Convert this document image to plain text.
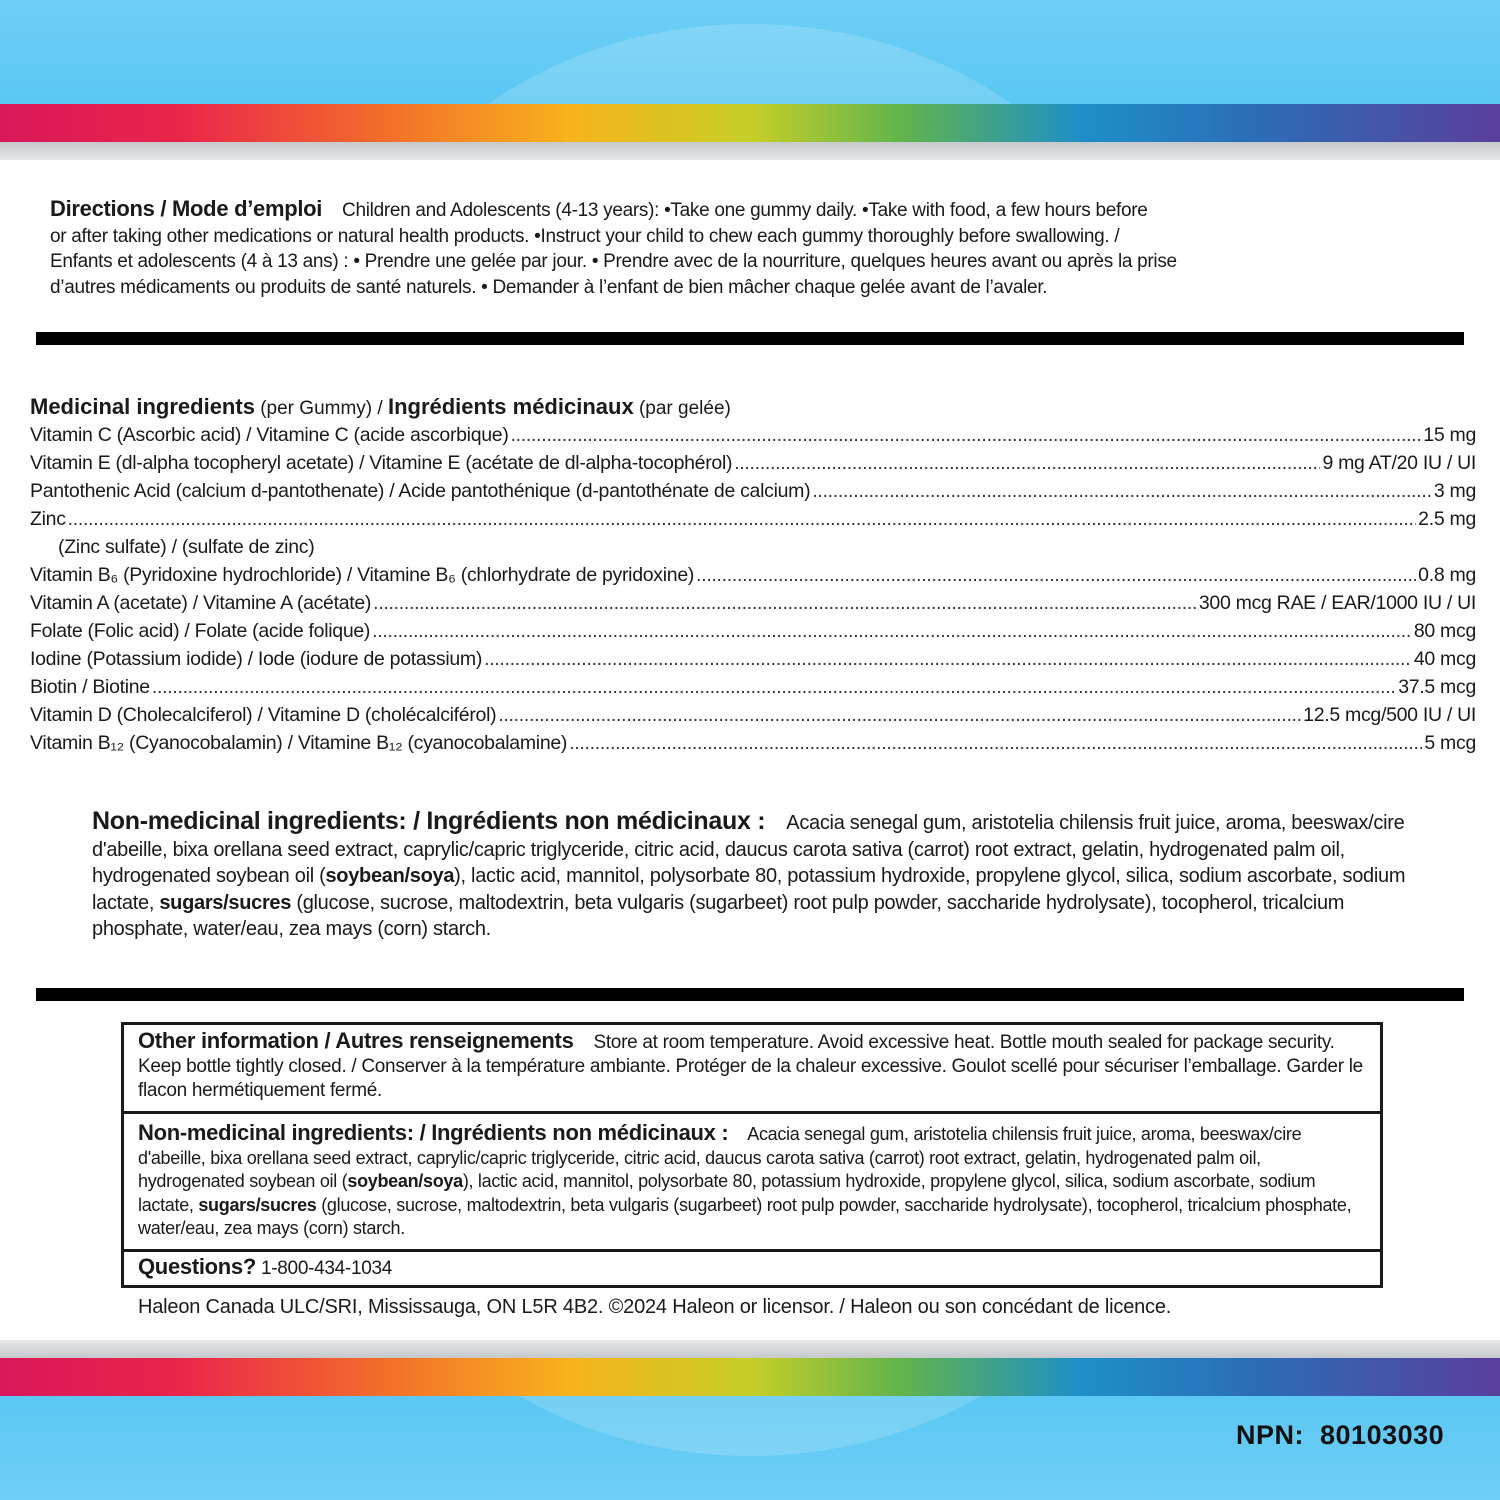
Directions / Mode d’emploi Children and Adolescents (4-13 years): •Take one gummy daily. •Take with food, a few hours before
or after taking other medications or natural health products. •Instruct your child to chew each gummy thoroughly before swallowing. /
Enfants et adolescents (4 à 13 ans) : • Prendre une gelée par jour. • Prendre avec de la nourriture, quelques heures avant ou après la prise
d’autres médicaments ou produits de santé naturels. • Demander à l’enfant de bien mâcher chaque gelée avant de l’avaler.
Medicinal ingredients (per Gummy) / Ingrédients médicinaux (par gelée)
Vitamin C (Ascorbic acid) / Vitamine C (acide ascorbique) .....	15 mg
Vitamin E (dl-alpha tocopheryl acetate) / Vitamine E (acétate de dl-alpha-tocophérol) .....	9 mg AT/20 IU / UI
Pantothenic Acid (calcium d-pantothenate) / Acide pantothénique (d-pantothénate de calcium) .....	3 mg
Zinc .....	2.5 mg
(Zinc sulfate) / (sulfate de zinc)
Vitamin B₆ (Pyridoxine hydrochloride) / Vitamine B₆ (chlorhydrate de pyridoxine) .....	0.8 mg
Vitamin A (acetate) / Vitamine A (acétate) .....	300 mcg RAE / EAR/1000 IU / UI
Folate (Folic acid) / Folate (acide folique) .....	80 mcg
Iodine (Potassium iodide) / Iode (iodure de potassium) .....	40 mcg
Biotin / Biotine .....	37.5 mcg
Vitamin D (Cholecalciferol) / Vitamine D (cholécalciférol) .....	12.5 mcg/500 IU / UI
Vitamin B₁₂ (Cyanocobalamin) / Vitamine B₁₂ (cyanocobalamine) .....	5 mcg
Non-medicinal ingredients: / Ingrédients non médicinaux : Acacia senegal gum, aristotelia chilensis fruit juice, aroma, beeswax/cire d'abeille, bixa orellana seed extract, caprylic/capric triglyceride, citric acid, daucus carota sativa (carrot) root extract, gelatin, hydrogenated palm oil, hydrogenated soybean oil (soybean/soya), lactic acid, mannitol, polysorbate 80, potassium hydroxide, propylene glycol, silica, sodium ascorbate, sodium lactate, sugars/sucres (glucose, sucrose, maltodextrin, beta vulgaris (sugarbeet) root pulp powder, saccharide hydrolysate), tocopherol, tricalcium phosphate, water/eau, zea mays (corn) starch.
Other information / Autres renseignements Store at room temperature. Avoid excessive heat. Bottle mouth sealed for package security. Keep bottle tightly closed. / Conserver à la température ambiante. Protéger de la chaleur excessive. Goulot scellé pour sécuriser l’emballage. Garder le flacon hermétiquement fermé.
Non-medicinal ingredients: / Ingrédients non médicinaux : Acacia senegal gum, aristotelia chilensis fruit juice, aroma, beeswax/cire d'abeille, bixa orellana seed extract, caprylic/capric triglyceride, citric acid, daucus carota sativa (carrot) root extract, gelatin, hydrogenated palm oil, hydrogenated soybean oil (soybean/soya), lactic acid, mannitol, polysorbate 80, potassium hydroxide, propylene glycol, silica, sodium ascorbate, sodium lactate, sugars/sucres (glucose, sucrose, maltodextrin, beta vulgaris (sugarbeet) root pulp powder, saccharide hydrolysate), tocopherol, tricalcium phosphate, water/eau, zea mays (corn) starch.
Questions? 1-800-434-1034
Haleon Canada ULC/SRI, Mississauga, ON L5R 4B2. ©2024 Haleon or licensor. / Haleon ou son concédant de licence.
NPN: 80103030
